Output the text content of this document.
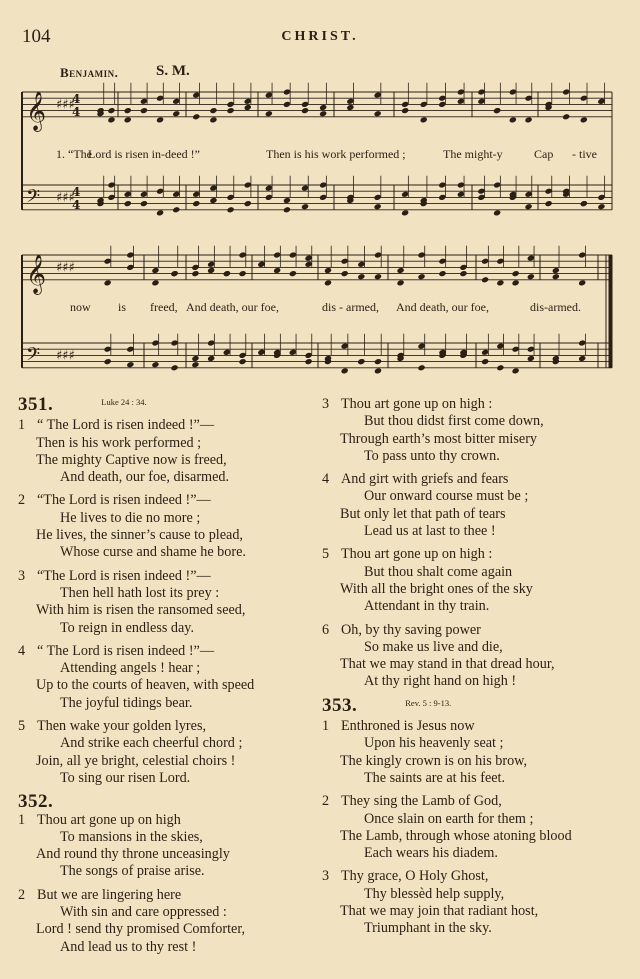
104	CHRIST.
Benjamin.	S. M.
𝄞 ♯♯♯
𝄢 ♯♯♯
𝄞 ♯♯♯
𝄢 ♯♯♯
4
4
4
4
1. “The
Lord is risen in-deed !”	Then is his work performed ;	The might-y	Cap - tive
now is freed, And death, our foe,	dis - armed, And death, our foe,	dis-armed.
351.	Luke 24 : 34.
1 “ The Lord is risen indeed !”—
Then is his work performed ;
The mighty Captive now is freed,
And death, our foe, disarmed.
2 “The Lord is risen indeed !”—
He lives to die no more ;
He lives, the sinner’s cause to plead,
Whose curse and shame he bore.
3 “The Lord is risen indeed !”—
Then hell hath lost its prey :
With him is risen the ransomed seed,
To reign in endless day.
4 “ The Lord is risen indeed !”—
Attending angels ! hear ;
Up to the courts of heaven, with speed
The joyful tidings bear.
5 Then wake your golden lyres,
And strike each cheerful chord ;
Join, all ye bright, celestial choirs !
To sing our risen Lord.
352.
1 Thou art gone up on high
To mansions in the skies,
And round thy throne unceasingly
The songs of praise arise.
2 But we are lingering here
With sin and care oppressed :
Lord ! send thy promised Comforter,
And lead us to thy rest !
3 Thou art gone up on high :
But thou didst first come down,
Through earth’s most bitter misery
To pass unto thy crown.
4 And girt with griefs and fears
Our onward course must be ;
But only let that path of tears
Lead us at last to thee !
5 Thou art gone up on high :
But thou shalt come again
With all the bright ones of the sky
Attendant in thy train.
6 Oh, by thy saving power
So make us live and die,
That we may stand in that dread hour,
At thy right hand on high !
353.	Rev. 5 : 9-13.
1 Enthroned is Jesus now
Upon his heavenly seat ;
The kingly crown is on his brow,
The saints are at his feet.
2 They sing the Lamb of God,
Once slain on earth for them ;
The Lamb, through whose atoning blood
Each wears his diadem.
3 Thy grace, O Holy Ghost,
Thy blessèd help supply,
That we may join that radiant host,
Triumphant in the sky.
